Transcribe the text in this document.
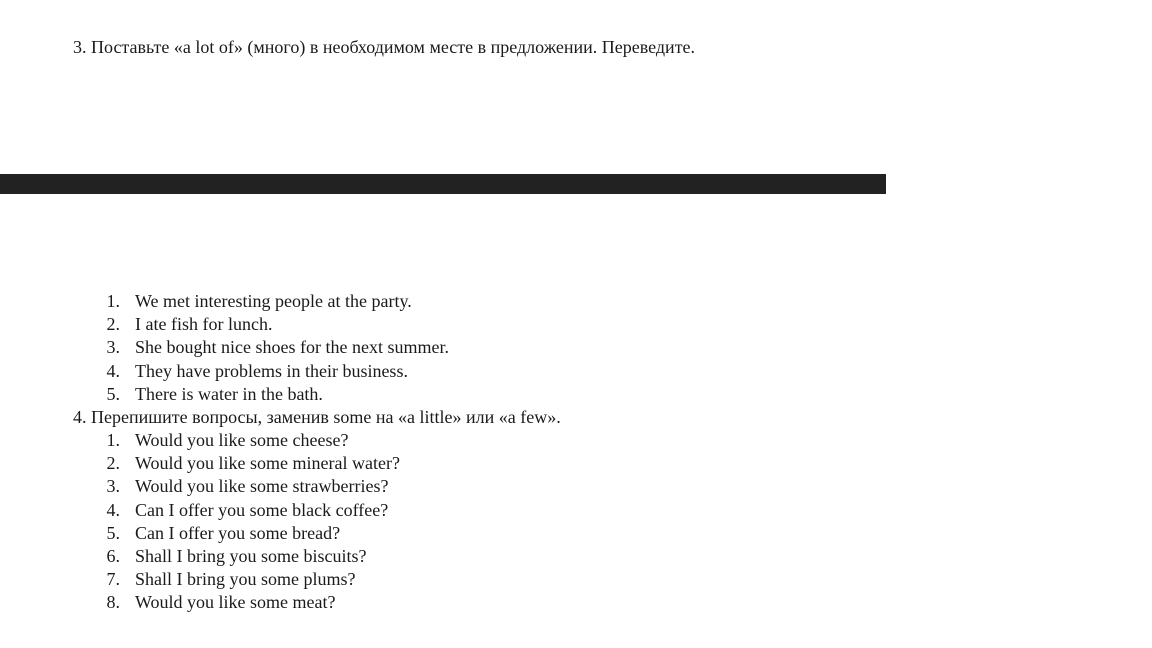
3. Поставьте «a lot of» (много) в необходимом месте в предложении. Переведите.
1. We met interesting people at the party.
2. I ate fish for lunch.
3. She bought nice shoes for the next summer.
4. They have problems in their business.
5. There is water in the bath.
4. Перепишите вопросы, заменив some на «a little» или «a few».
1. Would you like some cheese?
2. Would you like some mineral water?
3. Would you like some strawberries?
4. Can I offer you some black coffee?
5. Can I offer you some bread?
6. Shall I bring you some biscuits?
7. Shall I bring you some plums?
8. Would you like some meat?
